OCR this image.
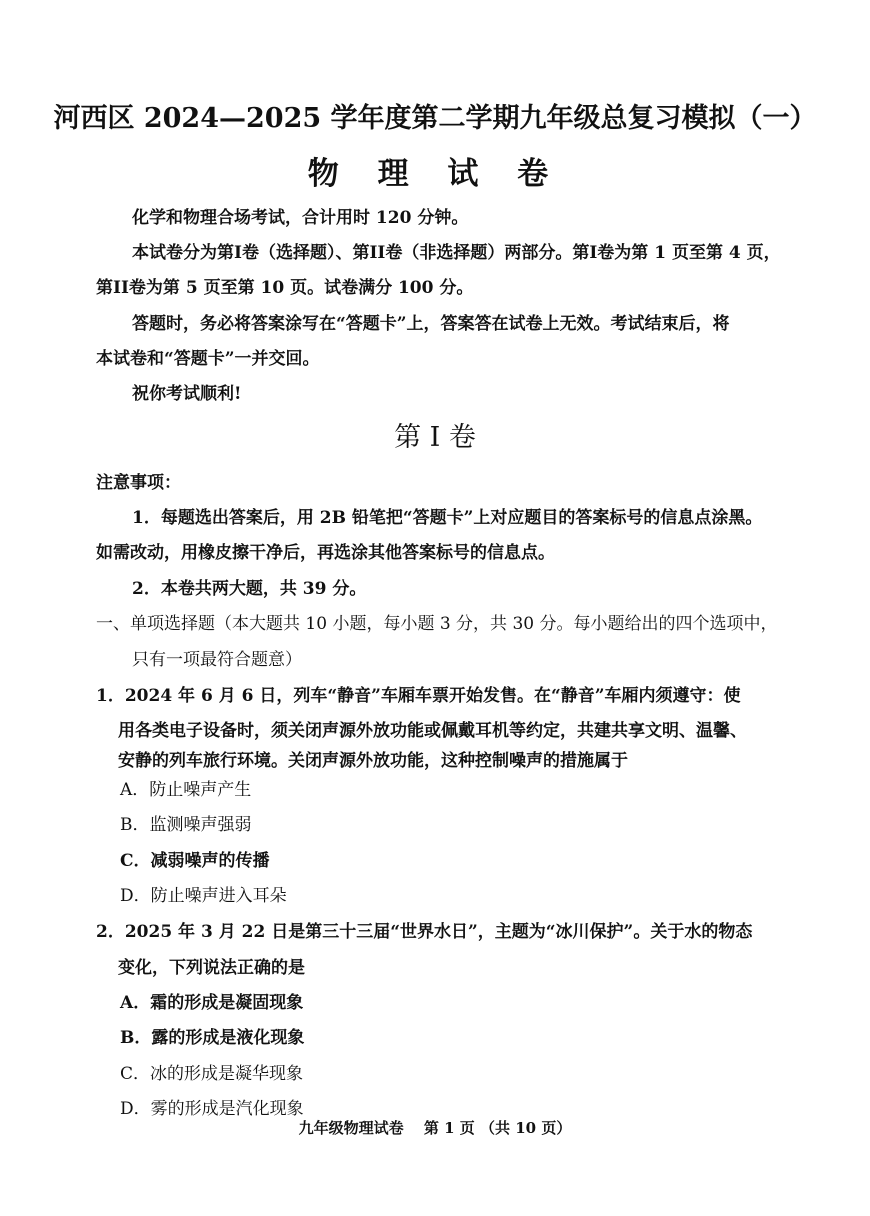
河西区 2024—2025 学年度第二学期九年级总复习模拟（一）
物 理 试 卷
化学和物理合场考试，合计用时 120 分钟。
本试卷分为第I卷（选择题）、第II卷（非选择题）两部分。第I卷为第 1 页至第 4 页，
第II卷为第 5 页至第 10 页。试卷满分 100 分。
答题时，务必将答案涂写在“答题卡”上，答案答在试卷上无效。考试结束后，将
本试卷和“答题卡”一并交回。
祝你考试顺利!
第 I 卷
注意事项：
1．每题选出答案后，用 2B 铅笔把“答题卡”上对应题目的答案标号的信息点涂黑。
如需改动，用橡皮擦干净后，再选涂其他答案标号的信息点。
2．本卷共两大题，共 39 分。
一、单项选择题（本大题共 10 小题，每小题 3 分，共 30 分。每小题给出的四个选项中，
只有一项最符合题意）
1．2024 年 6 月 6 日，列车“静音”车厢车票开始发售。在“静音”车厢内须遵守：使
用各类电子设备时，须关闭声源外放功能或佩戴耳机等约定，共建共享文明、温馨、
安静的列车旅行环境。关闭声源外放功能，这种控制噪声的措施属于
A．防止噪声产生
B．监测噪声强弱
C．减弱噪声的传播
D．防止噪声进入耳朵
2．2025 年 3 月 22 日是第三十三届“世界水日”，主题为“冰川保护”。关于水的物态
变化，下列说法正确的是
A．霜的形成是凝固现象
B．露的形成是液化现象
C．冰的形成是凝华现象
D．雾的形成是汽化现象
九年级物理试卷　 第 1 页 （共 10 页）
